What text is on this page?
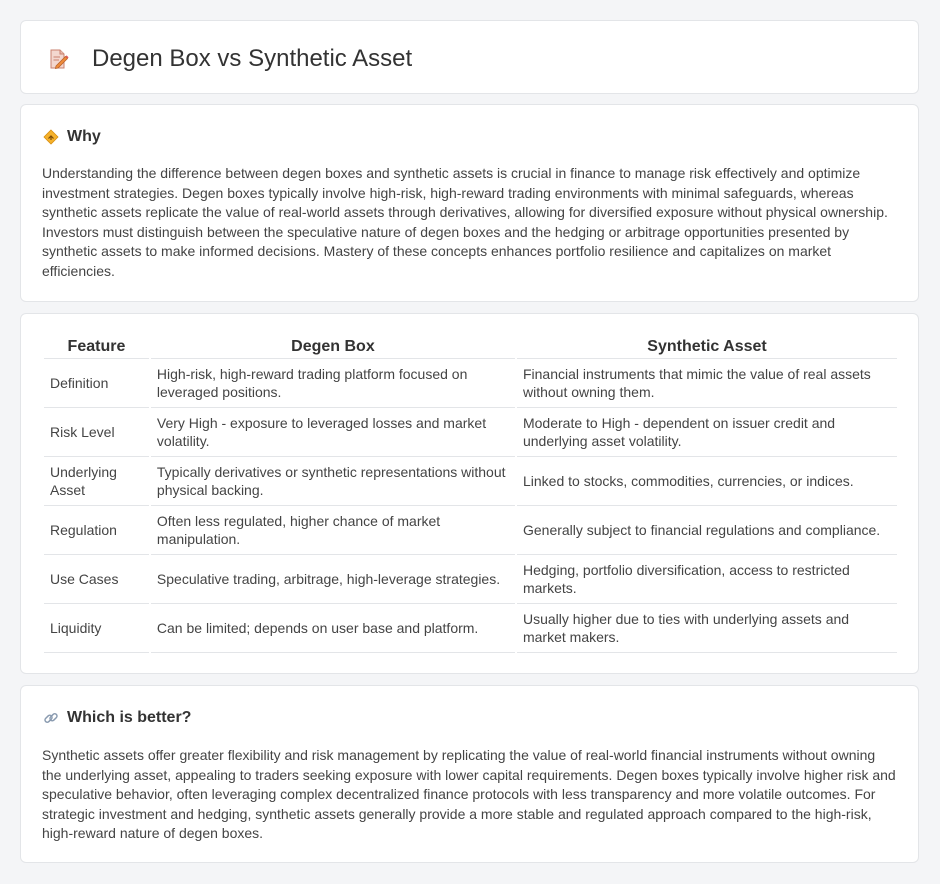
Degen Box vs Synthetic Asset
Why

Understanding the difference between degen boxes and synthetic assets is crucial in finance to manage risk effectively and optimize investment strategies. Degen boxes typically involve high-risk, high-reward trading environments with minimal safeguards, whereas synthetic assets replicate the value of real-world assets through derivatives, allowing for diversified exposure without physical ownership. Investors must distinguish between the speculative nature of degen boxes and the hedging or arbitrage opportunities presented by synthetic assets to make informed decisions. Mastery of these concepts enhances portfolio resilience and capitalizes on market efficiencies.

Feature	Degen Box	Synthetic Asset
Definition	High-risk, high-reward trading platform focused on leveraged positions.	Financial instruments that mimic the value of real assets without owning them.
Risk Level	Very High - exposure to leveraged losses and market volatility.	Moderate to High - dependent on issuer credit and underlying asset volatility.
Underlying Asset	Typically derivatives or synthetic representations without physical backing.	Linked to stocks, commodities, currencies, or indices.
Regulation	Often less regulated, higher chance of market manipulation.	Generally subject to financial regulations and compliance.
Use Cases	Speculative trading, arbitrage, high-leverage strategies.	Hedging, portfolio diversification, access to restricted markets.
Liquidity	Can be limited; depends on user base and platform.	Usually higher due to ties with underlying assets and market makers.
Which is better?

Synthetic assets offer greater flexibility and risk management by replicating the value of real-world financial instruments without owning the underlying asset, appealing to traders seeking exposure with lower capital requirements. Degen boxes typically involve higher risk and speculative behavior, often leveraging complex decentralized finance protocols with less transparency and more volatile outcomes. For strategic investment and hedging, synthetic assets generally provide a more stable and regulated approach compared to the high-risk, high-reward nature of degen boxes.
